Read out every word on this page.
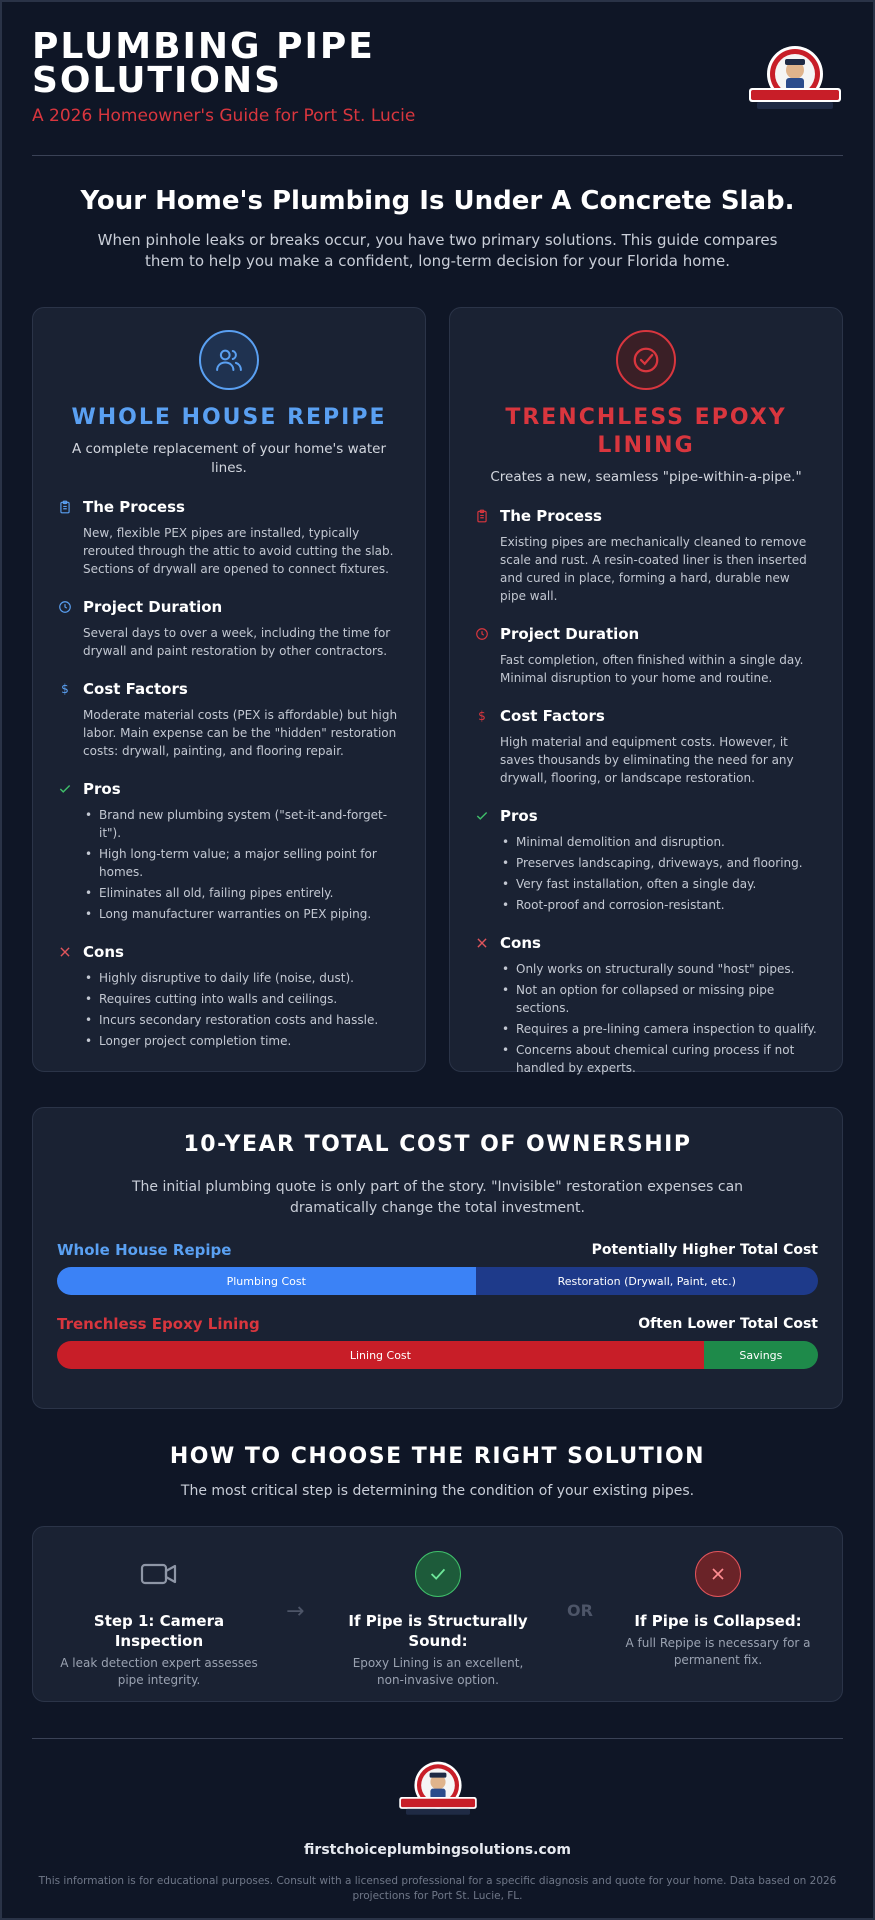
PLUMBING PIPE SOLUTIONS
A 2026 Homeowner's Guide for Port St. Lucie
Your Home's Plumbing Is Under A Concrete Slab.

When pinhole leaks or breaks occur, you have two primary solutions. This guide compares them to help you make a confident, long-term decision for your Florida home.

WHOLE HOUSE REPIPE
A complete replacement of your home's water lines.
The Process

New, flexible PEX pipes are installed, typically rerouted through the attic to avoid cutting the slab. Sections of drywall are opened to connect fixtures.

Project Duration

Several days to over a week, including the time for drywall and paint restoration by other contractors.

$ Cost Factors

Moderate material costs (PEX is affordable) but high labor. Main expense can be the "hidden" restoration costs: drywall, painting, and flooring repair.

Pros
• Brand new plumbing system ("set-it-and-forget-it").
• High long-term value; a major selling point for homes.
• Eliminates all old, failing pipes entirely.
• Long manufacturer warranties on PEX piping.
Cons
• Highly disruptive to daily life (noise, dust).
• Requires cutting into walls and ceilings.
• Incurs secondary restoration costs and hassle.
• Longer project completion time.
TRENCHLESS EPOXY LINING
Creates a new, seamless "pipe-within-a-pipe."
The Process

Existing pipes are mechanically cleaned to remove scale and rust. A resin-coated liner is then inserted and cured in place, forming a hard, durable new pipe wall.

Project Duration

Fast completion, often finished within a single day. Minimal disruption to your home and routine.

$ Cost Factors

High material and equipment costs. However, it saves thousands by eliminating the need for any drywall, flooring, or landscape restoration.

Pros
• Minimal demolition and disruption.
• Preserves landscaping, driveways, and flooring.
• Very fast installation, often a single day.
• Root-proof and corrosion-resistant.
Cons
• Only works on structurally sound "host" pipes.
• Not an option for collapsed or missing pipe sections.
• Requires a pre-lining camera inspection to qualify.
• Concerns about chemical curing process if not handled by experts.
10-YEAR TOTAL COST OF OWNERSHIP

The initial plumbing quote is only part of the story. "Invisible" restoration expenses can dramatically change the total investment.

Whole House Repipe	Potentially Higher Total Cost
Plumbing Cost	Restoration (Drywall, Paint, etc.)
Trenchless Epoxy Lining	Often Lower Total Cost
Lining Cost	Savings
HOW TO CHOOSE THE RIGHT SOLUTION

The most critical step is determining the condition of your existing pipes.

Step 1: Camera Inspection
A leak detection expert assesses pipe integrity.
→	If Pipe is Structurally Sound:
Epoxy Lining is an excellent, non-invasive option.
OR
If Pipe is Collapsed:
A full Repipe is necessary for a permanent fix.
firstchoiceplumbingsolutions.com
This information is for educational purposes. Consult with a licensed professional for a specific diagnosis and quote for your home. Data based on 2026 projections for Port St. Lucie, FL.
